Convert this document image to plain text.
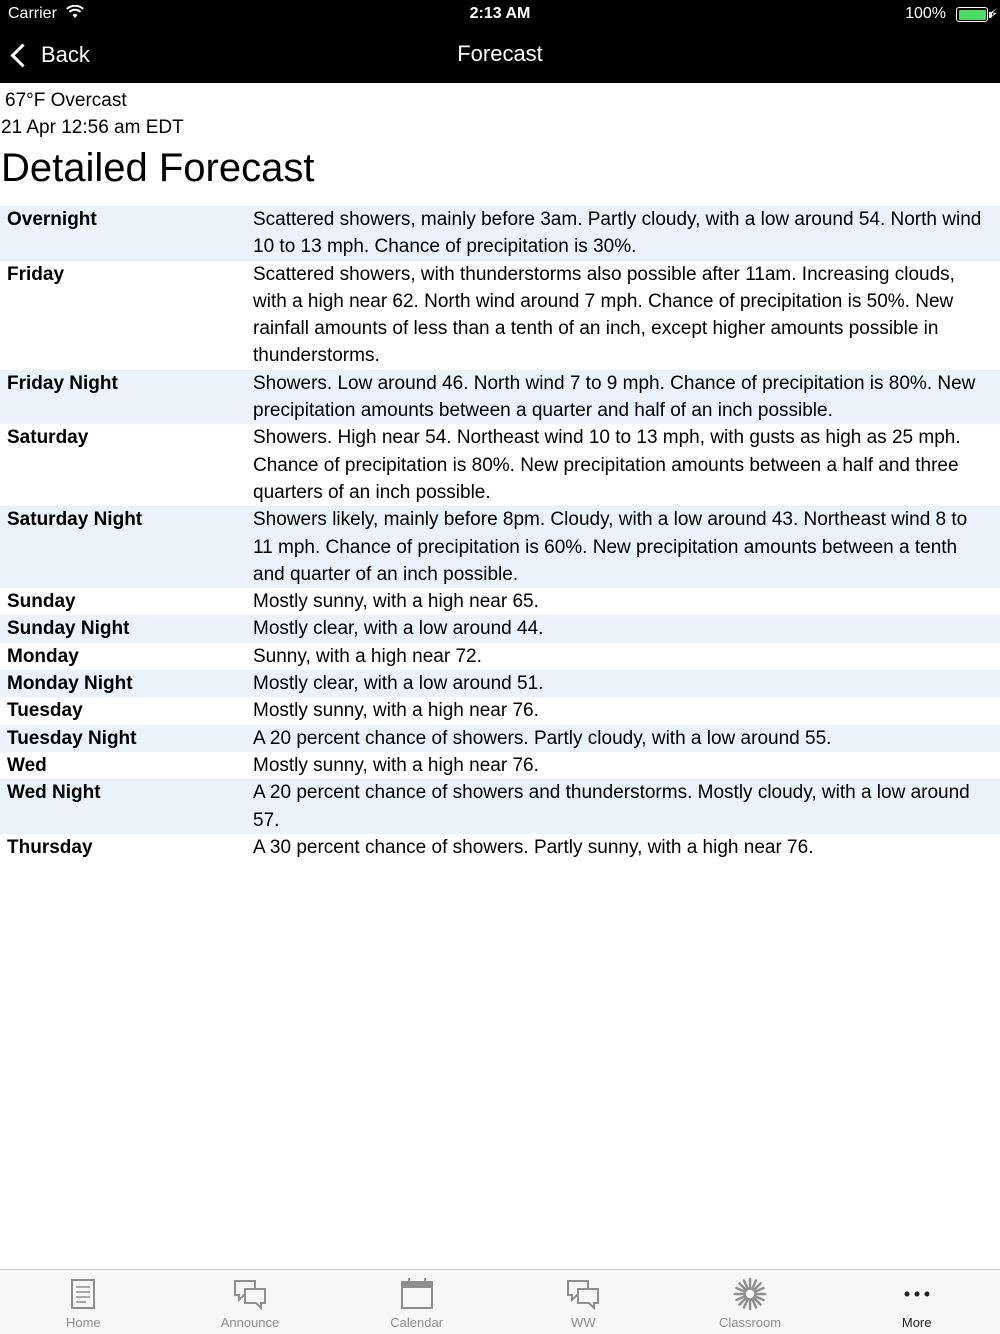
Carrier	2:13 AM	100%	⚡
Back	Forecast
67°F Overcast
21 Apr 12:56 am EDT
Detailed Forecast
Overnight	Scattered showers, mainly before 3am. Partly cloudy, with a low around 54. North wind 10 to 13 mph. Chance of precipitation is 30%.
Friday	Scattered showers, with thunderstorms also possible after 11am. Increasing clouds, with a high near 62. North wind around 7 mph. Chance of precipitation is 50%. New rainfall amounts of less than a tenth of an inch, except higher amounts possible in thunderstorms.
Friday Night	Showers. Low around 46. North wind 7 to 9 mph. Chance of precipitation is 80%. New precipitation amounts between a quarter and half of an inch possible.
Saturday	Showers. High near 54. Northeast wind 10 to 13 mph, with gusts as high as 25 mph. Chance of precipitation is 80%. New precipitation amounts between a half and three quarters of an inch possible.
Saturday Night	Showers likely, mainly before 8pm. Cloudy, with a low around 43. Northeast wind 8 to 11 mph. Chance of precipitation is 60%. New precipitation amounts between a tenth and quarter of an inch possible.
Sunday	Mostly sunny, with a high near 65.
Sunday Night	Mostly clear, with a low around 44.
Monday	Sunny, with a high near 72.
Monday Night	Mostly clear, with a low around 51.
Tuesday	Mostly sunny, with a high near 76.
Tuesday Night	A 20 percent chance of showers. Partly cloudy, with a low around 55.
Wed	Mostly sunny, with a high near 76.
Wed Night	A 20 percent chance of showers and thunderstorms. Mostly cloudy, with a low around 57.
Thursday	A 30 percent chance of showers. Partly sunny, with a high near 76.
Home	Announce	Calendar	WW	Classroom	More
